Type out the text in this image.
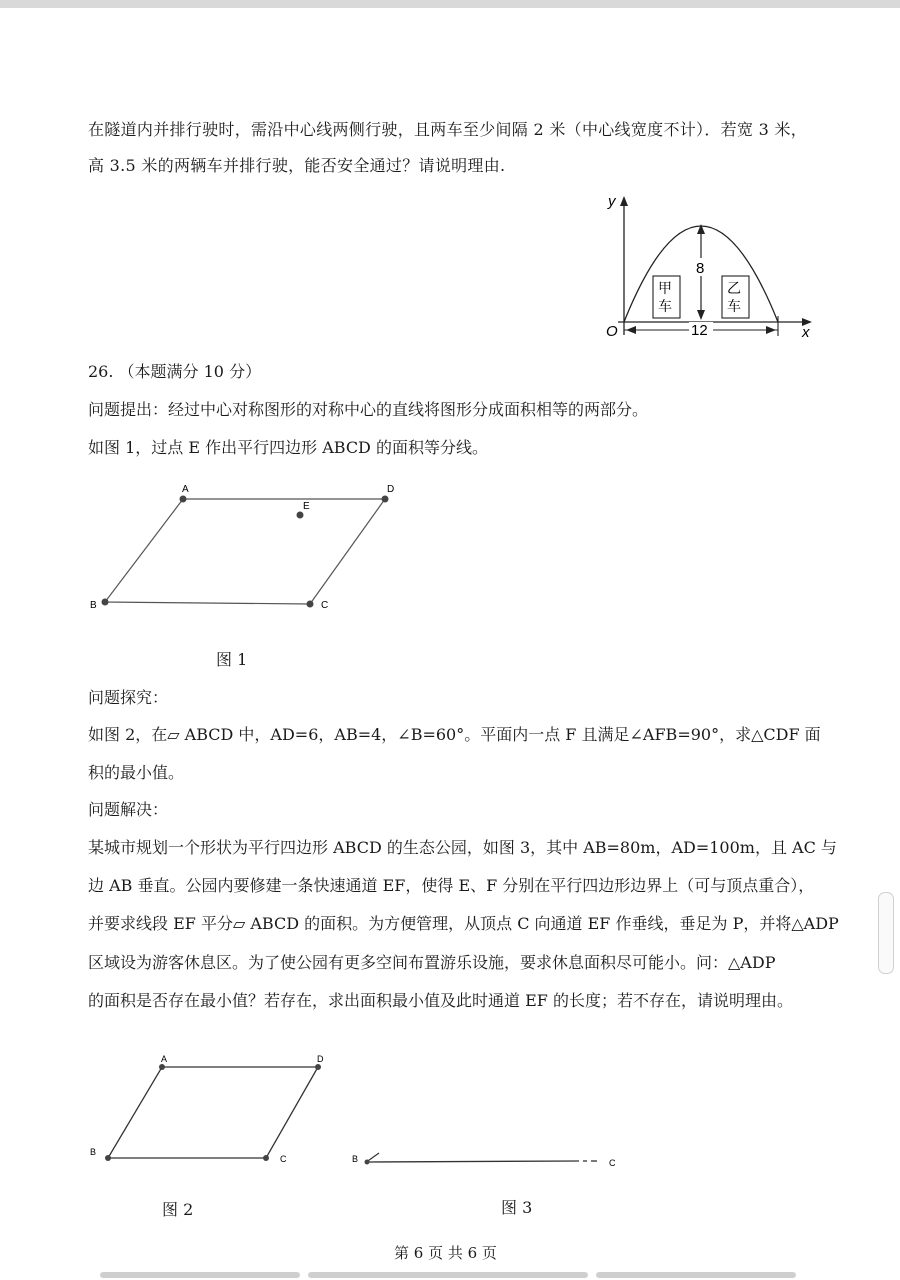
在隧道内并排行驶时，需沿中心线两侧行驶，且两车至少间隔 2 米（中心线宽度不计）．若宽 3 米，
高 3.5 米的两辆车并排行驶，能否安全通过？请说明理由.
y
x
O
8
12
甲
车
乙
车
26. （本题满分 10 分）
问题提出：经过中心对称图形的对称中心的直线将图形分成面积相等的两部分。
如图 1，过点 E 作出平行四边形 ABCD 的面积等分线。
A	D
E
B	C
图 1
问题探究：
如图 2，在▱ ABCD 中，AD=6，AB=4，∠B=60°。平面内一点 F 且满足∠AFB=90°，求△CDF 面
积的最小值。
问题解决：
某城市规划一个形状为平行四边形 ABCD 的生态公园，如图 3，其中 AB=80m，AD=100m，且 AC 与
边 AB 垂直。公园内要修建一条快速通道 EF，使得 E、F 分别在平行四边形边界上（可与顶点重合），
并要求线段 EF 平分▱ ABCD 的面积。为方便管理，从顶点 C 向通道 EF 作垂线，垂足为 P，并将△ADP
区域设为游客休息区。为了使公园有更多空间布置游乐设施，要求休息面积尽可能小。问：△ADP
的面积是否存在最小值？若存在，求出面积最小值及此时通道 EF 的长度；若不存在，请说明理由。
A	D
B
C
图 2
B	C
图 3
第 6 页 共 6 页
